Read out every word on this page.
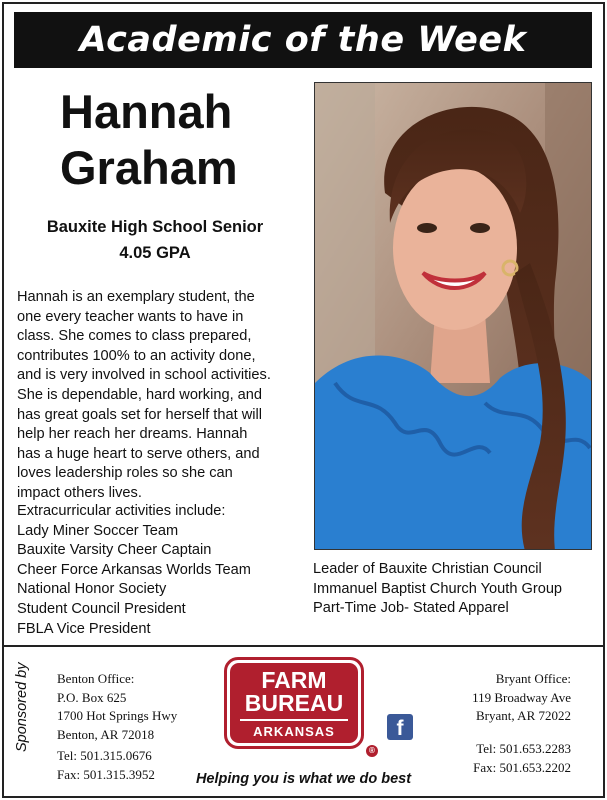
Academic of the Week
Hannah
Graham
Bauxite High School Senior
4.05 GPA
Hannah is an exemplary student, the
one every teacher wants to have in
class. She comes to class prepared,
contributes 100% to an activity done,
and is very involved in school activities.
She is dependable, hard working, and
has great goals set for herself that will
help her reach her dreams. Hannah
has a huge heart to serve others, and
loves leadership roles so she can
impact others lives.
Extracurricular activities include:
Lady Miner Soccer Team
Bauxite Varsity Cheer Captain
Cheer Force Arkansas Worlds Team
National Honor Society
Student Council President
FBLA Vice President
Leader of Bauxite Christian Council
Immanuel Baptist Church Youth Group
Part-Time Job- Stated Apparel
Sponsored by Benton Office:
P.O. Box 625
1700 Hot Springs Hwy
Benton, AR 72018
Tel: 501.315.0676
Fax: 501.315.3952
FARM
BUREAU
ARKANSAS
®
f
Bryant Office:
119 Broadway Ave
Bryant, AR 72022
Tel: 501.653.2283
Fax: 501.653.2202
Helping you is what we do best
